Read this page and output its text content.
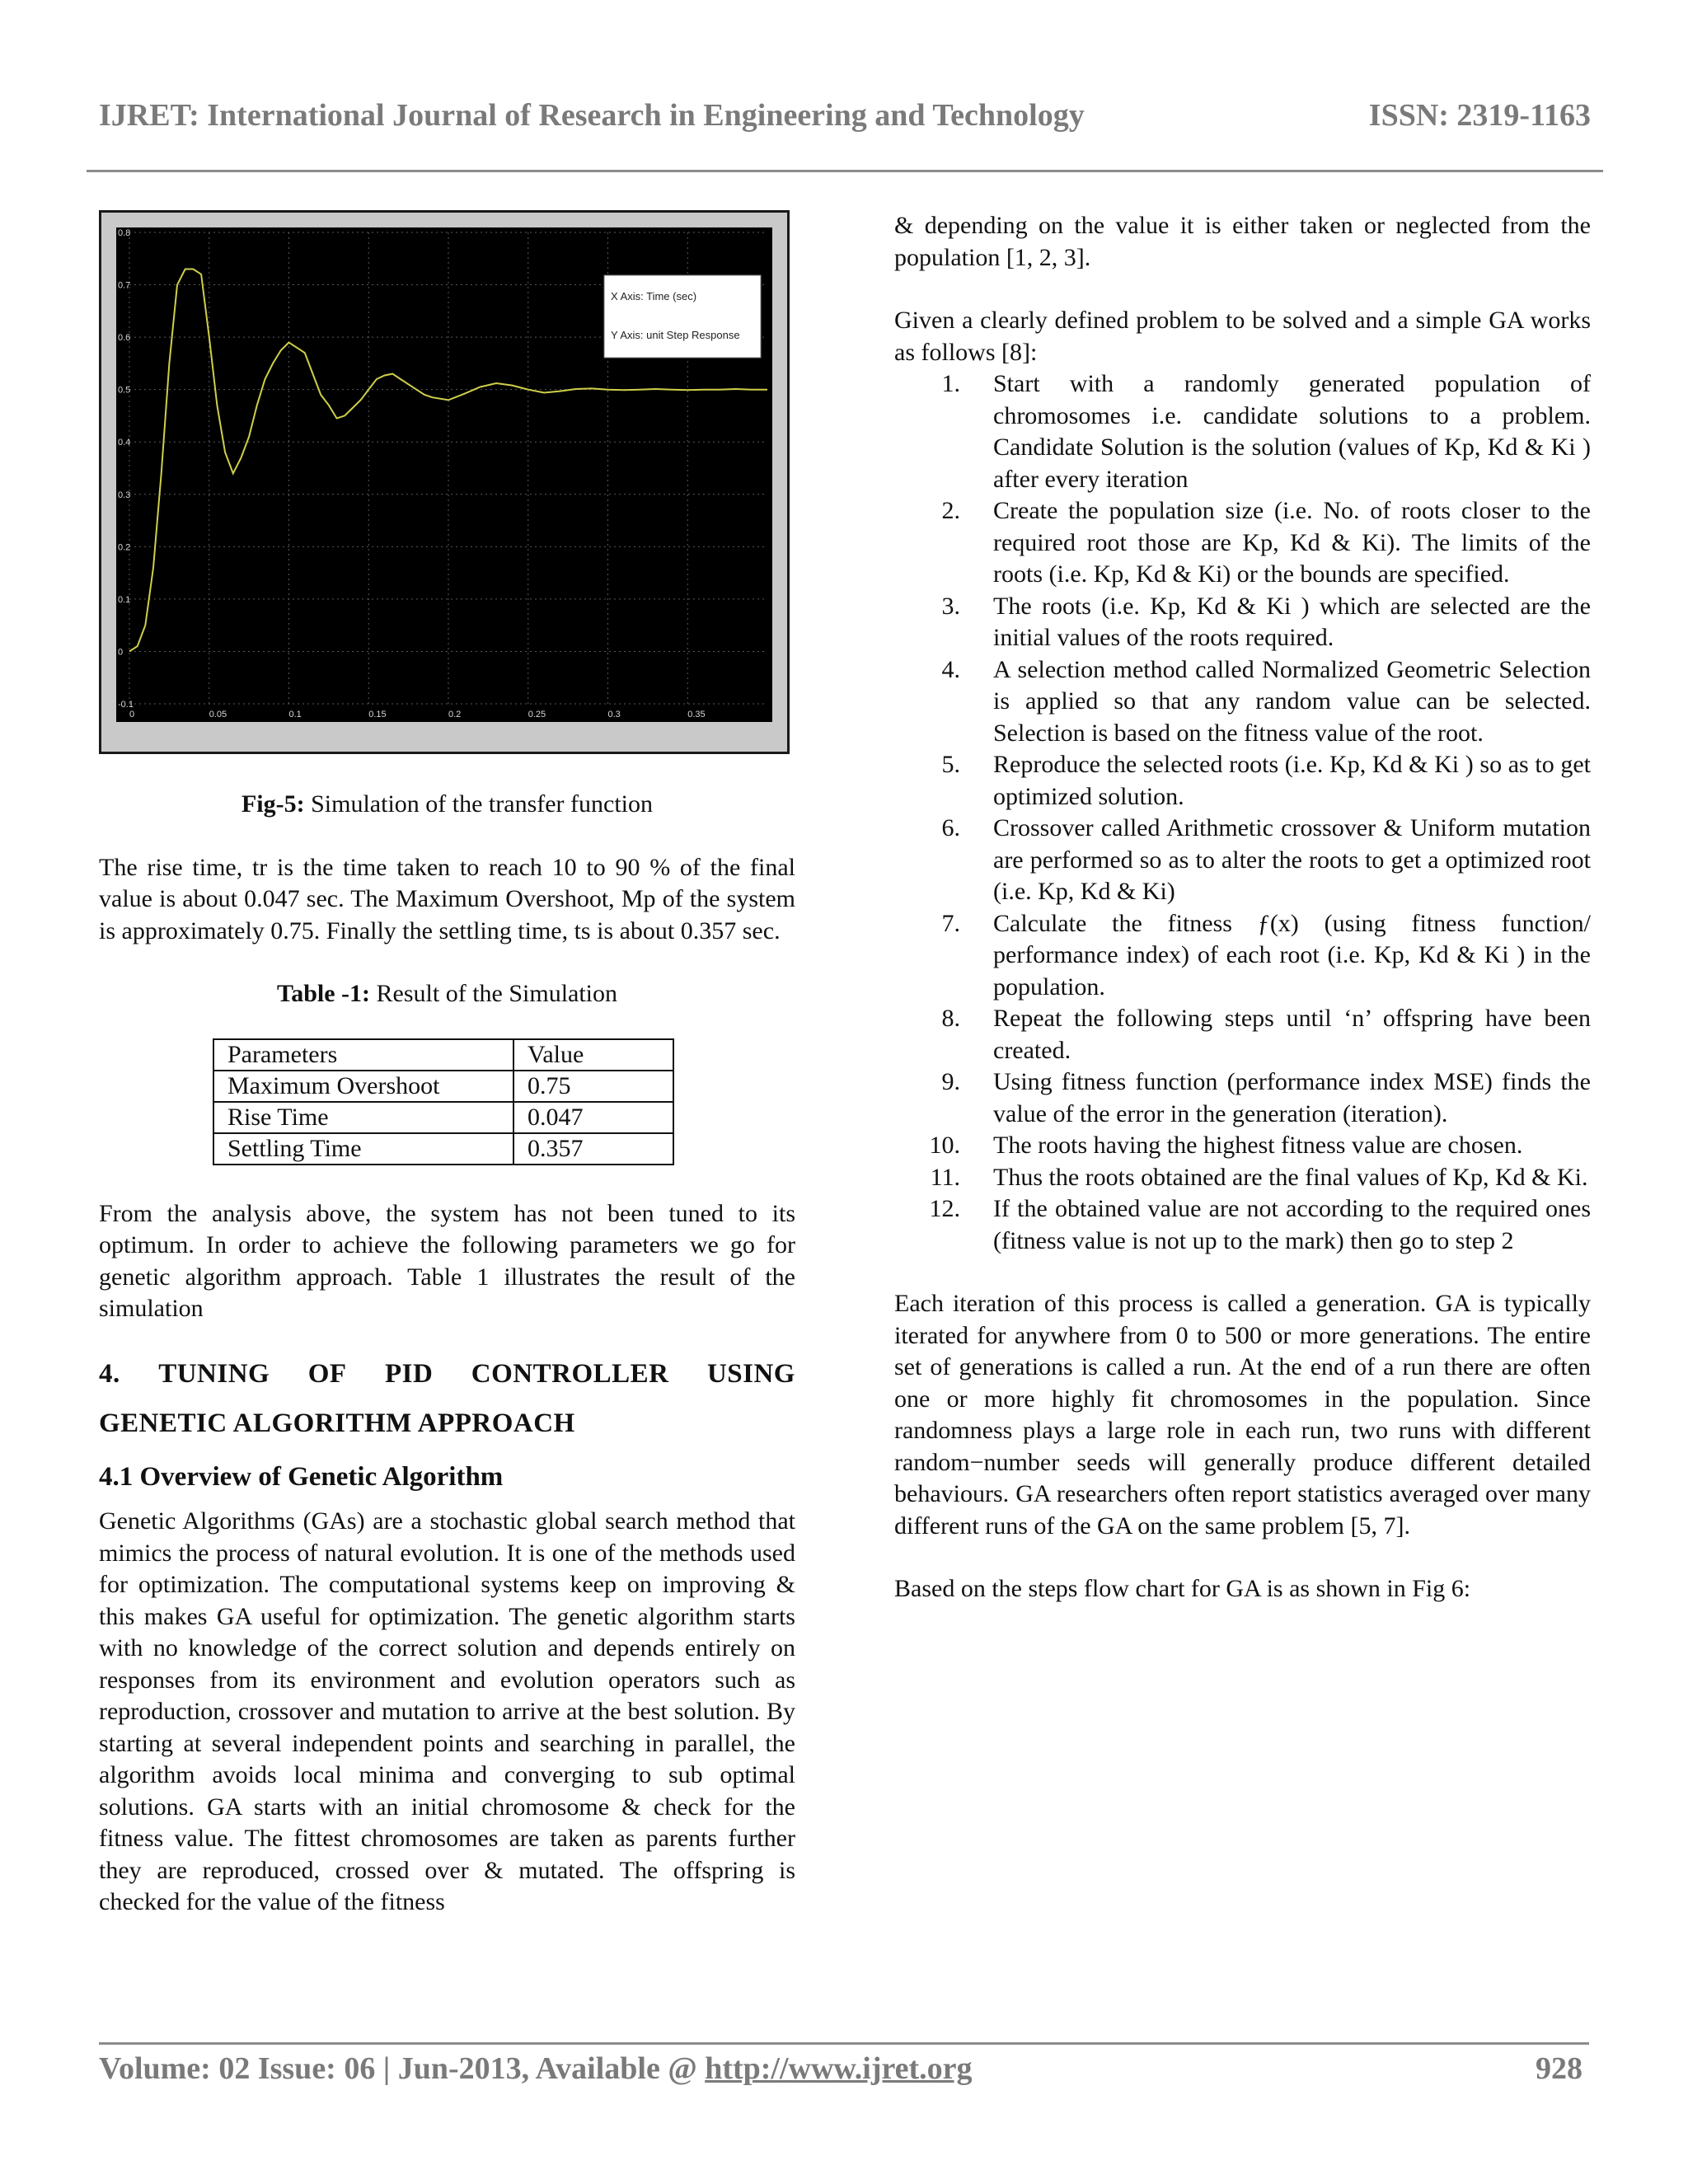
IJRET: International Journal of Research in Engineering and Technology	ISSN: 2319-1163
0.8
0.7
0.6
0.5
0.4
0.3
0.2
0.1
0
-0.1
0	0.05	0.1	0.15	0.2	0.25	0.3	0.35
X Axis: Time (sec)
Y Axis: unit Step Response
Fig-5: Simulation of the transfer function

The rise time, tr is the time taken to reach 10 to 90 % of the final value is about 0.047 sec. The Maximum Overshoot, Mp of the system is approximately 0.75. Finally the settling time, ts is about 0.357 sec.

Table -1: Result of the Simulation
Parameters	Value
Maximum Overshoot	0.75
Rise Time	0.047
Settling Time	0.357

From the analysis above, the system has not been tuned to its optimum. In order to achieve the following parameters we go for genetic algorithm approach. Table 1 illustrates the result of the simulation

4. TUNING OF PID CONTROLLER USING
GENETIC ALGORITHM APPROACH
4.1 Overview of Genetic Algorithm

Genetic Algorithms (GAs) are a stochastic global search method that mimics the process of natural evolution. It is one of the methods used for optimization. The computational systems keep on improving & this makes GA useful for optimization. The genetic algorithm starts with no knowledge of the correct solution and depends entirely on responses from its environment and evolution operators such as reproduction, crossover and mutation to arrive at the best solution. By starting at several independent points and searching in parallel, the algorithm avoids local minima and converging to sub optimal solutions. GA starts with an initial chromosome & check for the fitness value. The fittest chromosomes are taken as parents further they are reproduced, crossed over & mutated. The offspring is checked for the value of the fitness

& depending on the value it is either taken or neglected from the population [1, 2, 3].

Given a clearly defined problem to be solved and a simple GA works as follows [8]:

1. Start with a randomly generated population of chromosomes i.e. candidate solutions to a problem. Candidate Solution is the solution (values of Kp, Kd & Ki ) after every iteration
2. Create the population size (i.e. No. of roots closer to the required root those are Kp, Kd & Ki). The limits of the roots (i.e. Kp, Kd & Ki) or the bounds are specified.
3. The roots (i.e. Kp, Kd & Ki ) which are selected are the initial values of the roots required.
4. A selection method called Normalized Geometric Selection is applied so that any random value can be selected. Selection is based on the fitness value of the root.
5. Reproduce the selected roots (i.e. Kp, Kd & Ki ) so as to get optimized solution.
6. Crossover called Arithmetic crossover & Uniform mutation are performed so as to alter the roots to get a optimized root (i.e. Kp, Kd & Ki)
7. Calculate the fitness ƒ(x) (using fitness function/ performance index) of each root (i.e. Kp, Kd & Ki ) in the population.
8. Repeat the following steps until ‘n’ offspring have been created.
9. Using fitness function (performance index MSE) finds the value of the error in the generation (iteration).
10. The roots having the highest fitness value are chosen.
11. Thus the roots obtained are the final values of Kp, Kd & Ki.
12. If the obtained value are not according to the required ones (fitness value is not up to the mark) then go to step 2

Each iteration of this process is called a generation. GA is typically iterated for anywhere from 0 to 500 or more generations. The entire set of generations is called a run. At the end of a run there are often one or more highly fit chromosomes in the population. Since randomness plays a large role in each run, two runs with different random−number seeds will generally produce different detailed behaviours. GA researchers often report statistics averaged over many different runs of the GA on the same problem [5, 7].

Based on the steps flow chart for GA is as shown in Fig 6:

Volume: 02 Issue: 06 | Jun-2013, Available @ http://www.ijret.org	928
